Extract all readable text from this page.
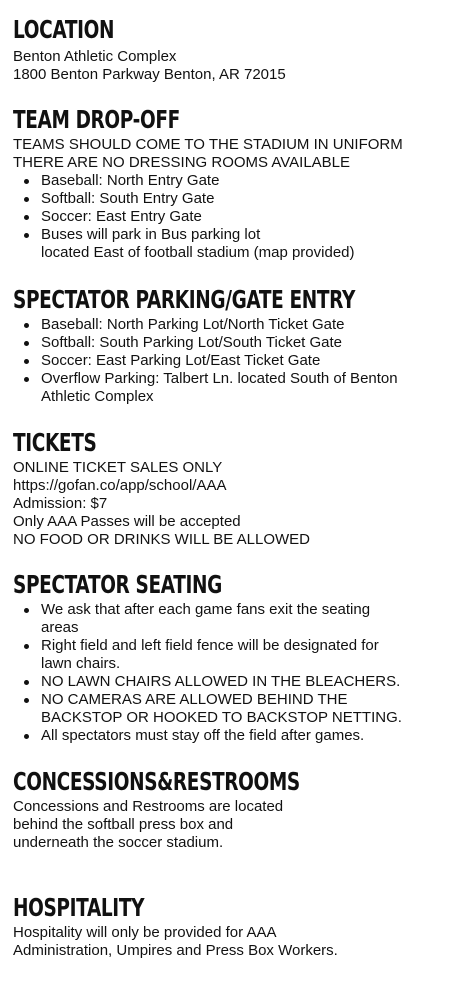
LOCATION

Benton Athletic Complex

1800 Benton Parkway Benton, AR 72015

TEAM DROP-OFF

TEAMS SHOULD COME TO THE STADIUM IN UNIFORM

THERE ARE NO DRESSING ROOMS AVAILABLE

Baseball: North Entry Gate
Softball: South Entry Gate
Soccer: East Entry Gate
Buses will park in Bus parking lot
located East of football stadium (map provided)
SPECTATOR PARKING/GATE ENTRY
Baseball: North Parking Lot/North Ticket Gate
Softball: South Parking Lot/South Ticket Gate
Soccer: East Parking Lot/East Ticket Gate
Overflow Parking: Talbert Ln. located South of Benton
Athletic Complex
TICKETS

ONLINE TICKET SALES ONLY

https://gofan.co/app/school/AAA

Admission: $7

Only AAA Passes will be accepted

NO FOOD OR DRINKS WILL BE ALLOWED

SPECTATOR SEATING
We ask that after each game fans exit the seating
areas
Right field and left field fence will be designated for
lawn chairs.
NO LAWN CHAIRS ALLOWED IN THE BLEACHERS.
NO CAMERAS ARE ALLOWED BEHIND THE
BACKSTOP OR HOOKED TO BACKSTOP NETTING.
All spectators must stay off the field after games.
CONCESSIONS&RESTROOMS

Concessions and Restrooms are located

behind the softball press box and

underneath the soccer stadium.

HOSPITALITY

Hospitality will only be provided for AAA

Administration, Umpires and Press Box Workers.
